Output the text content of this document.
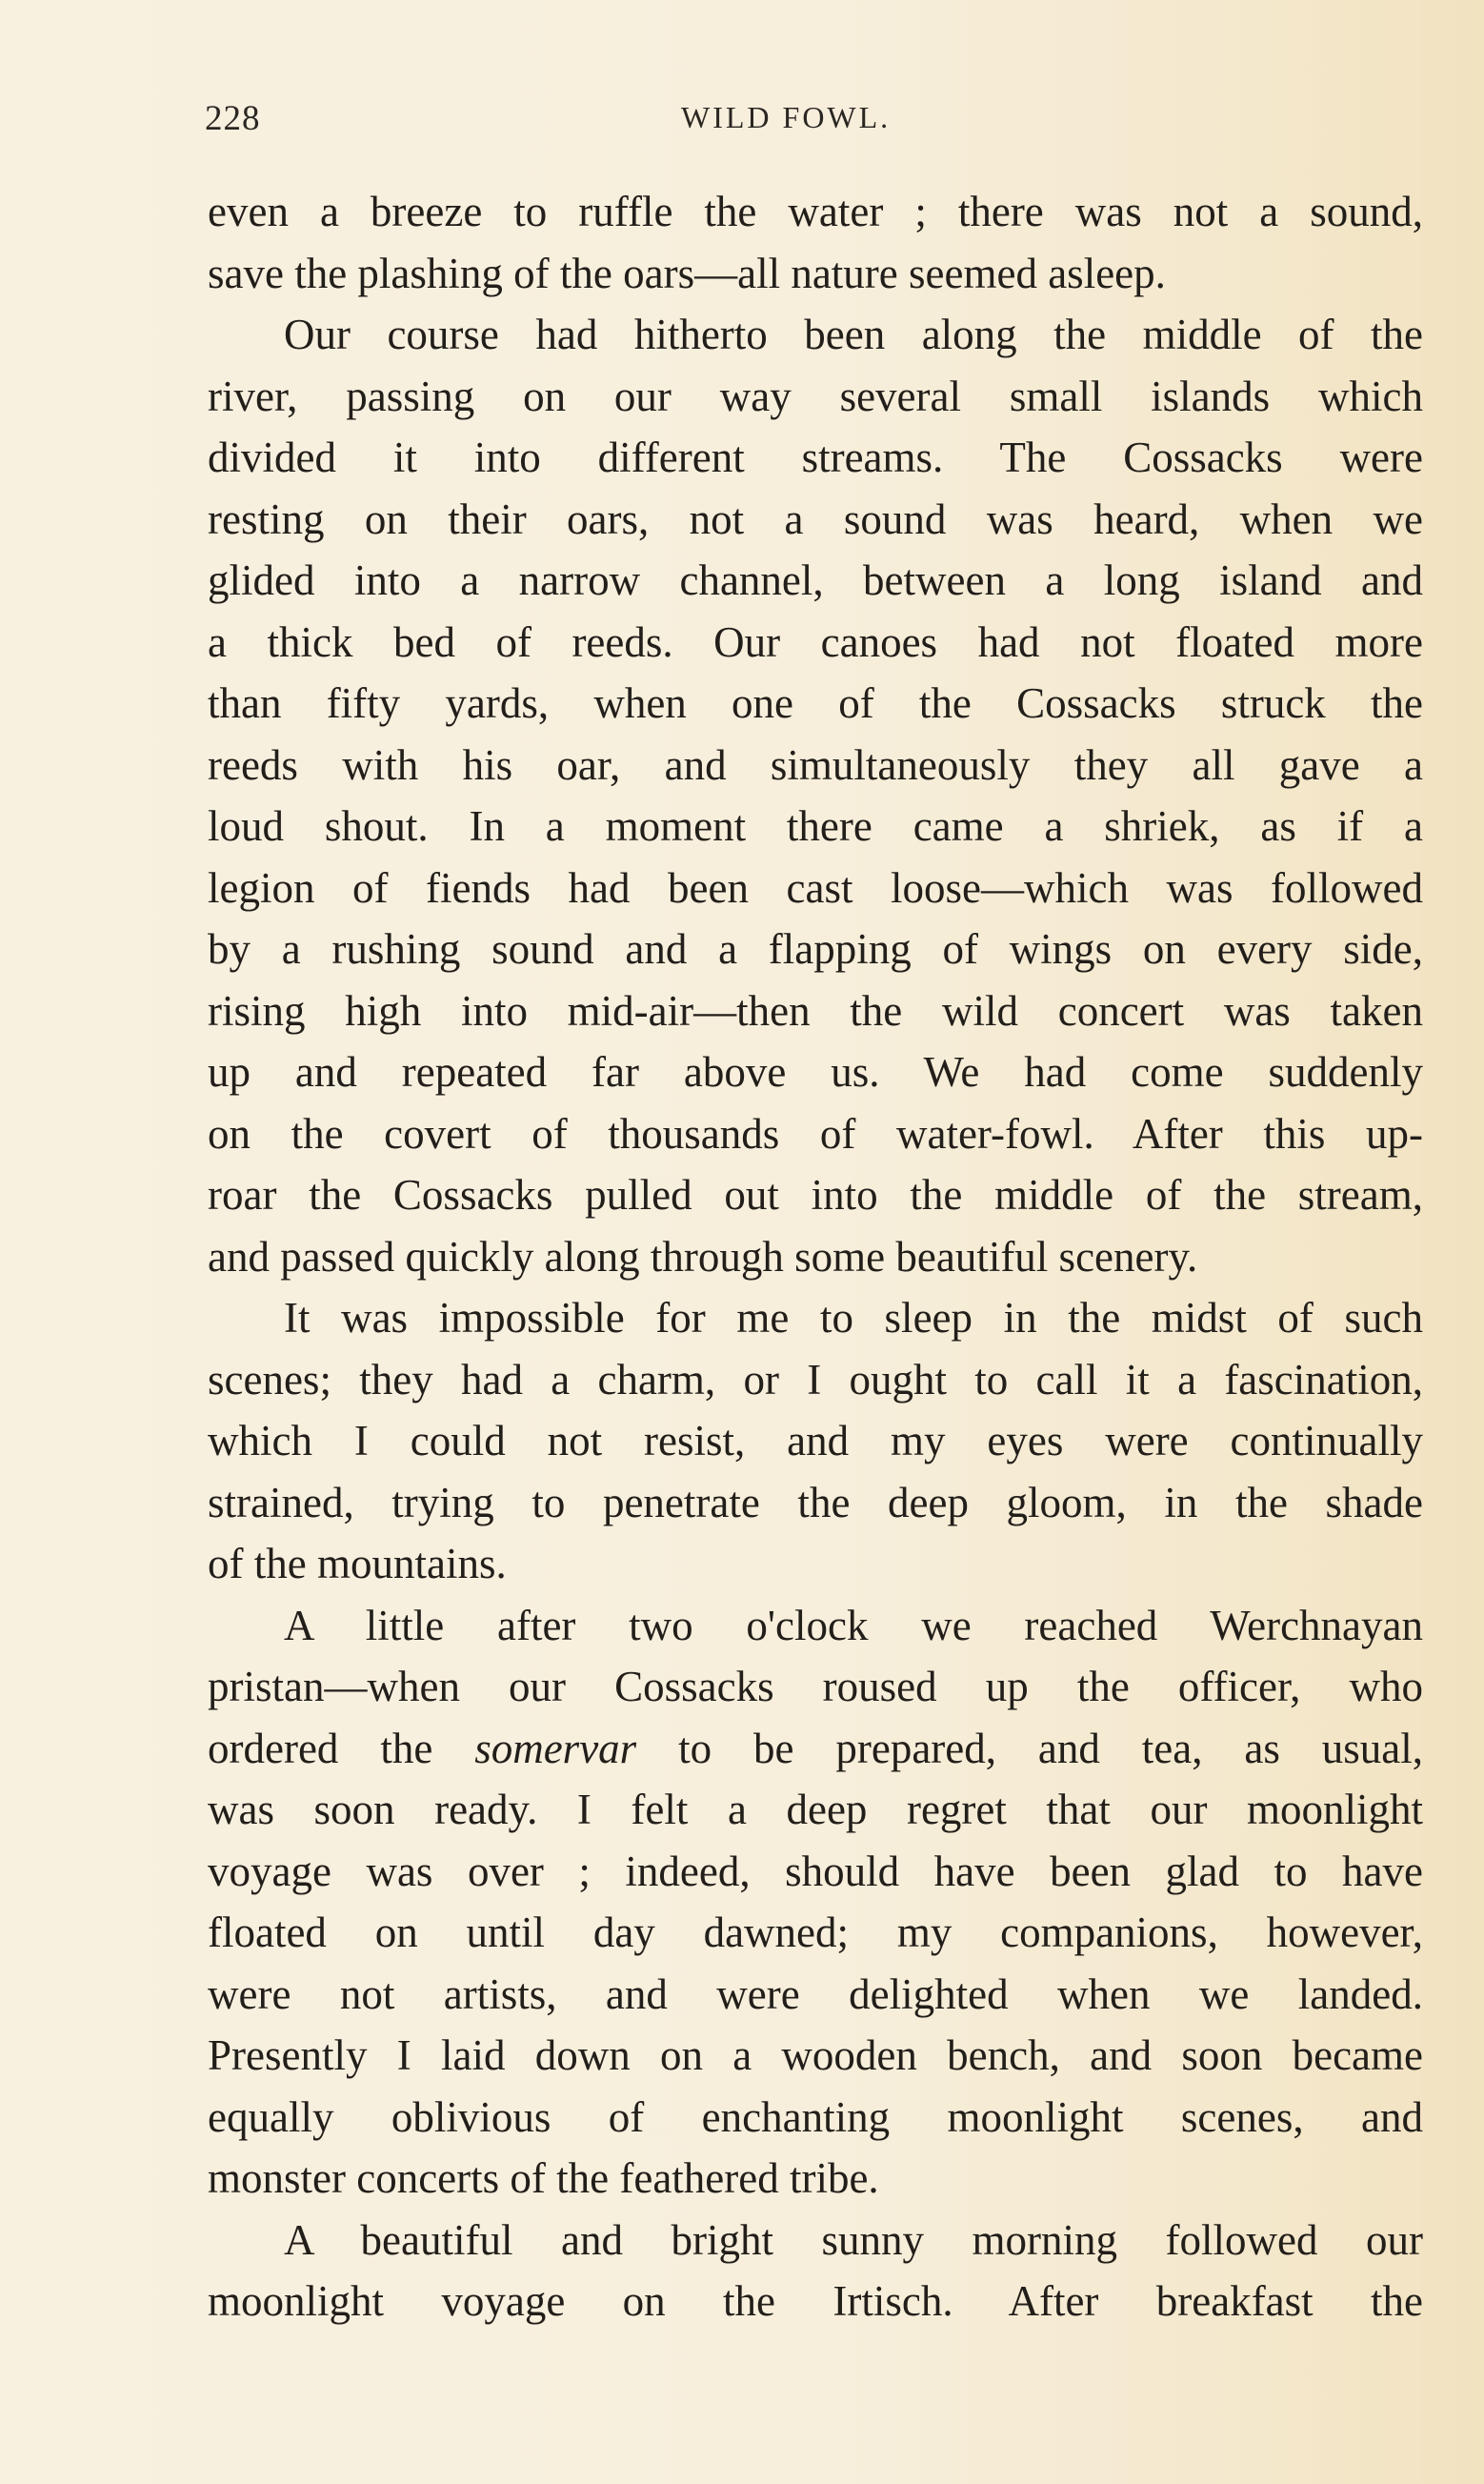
228	WILD FOWL.
even a breeze to ruffle the water ; there was not a sound,
save the plashing of the oars—all nature seemed asleep.
Our course had hitherto been along the middle of the
river, passing on our way several small islands which
divided it into different streams. The Cossacks were
resting on their oars, not a sound was heard, when we
glided into a narrow channel, between a long island and
a thick bed of reeds. Our canoes had not floated more
than fifty yards, when one of the Cossacks struck the
reeds with his oar, and simultaneously they all gave a
loud shout. In a moment there came a shriek, as if a
legion of fiends had been cast loose—which was followed
by a rushing sound and a flapping of wings on every side,
rising high into mid-air—then the wild concert was taken
up and repeated far above us. We had come suddenly
on the covert of thousands of water-fowl. After this up-
roar the Cossacks pulled out into the middle of the stream,
and passed quickly along through some beautiful scenery.
It was impossible for me to sleep in the midst of such
scenes; they had a charm, or I ought to call it a fascination,
which I could not resist, and my eyes were continually
strained, trying to penetrate the deep gloom, in the shade
of the mountains.
A little after two o'clock we reached Werchnayan
pristan—when our Cossacks roused up the officer, who
ordered the somervar to be prepared, and tea, as usual,
was soon ready. I felt a deep regret that our moonlight
voyage was over ; indeed, should have been glad to have
floated on until day dawned; my companions, however,
were not artists, and were delighted when we landed.
Presently I laid down on a wooden bench, and soon became
equally oblivious of enchanting moonlight scenes, and
monster concerts of the feathered tribe.
A beautiful and bright sunny morning followed our
moonlight voyage on the Irtisch. After breakfast the
